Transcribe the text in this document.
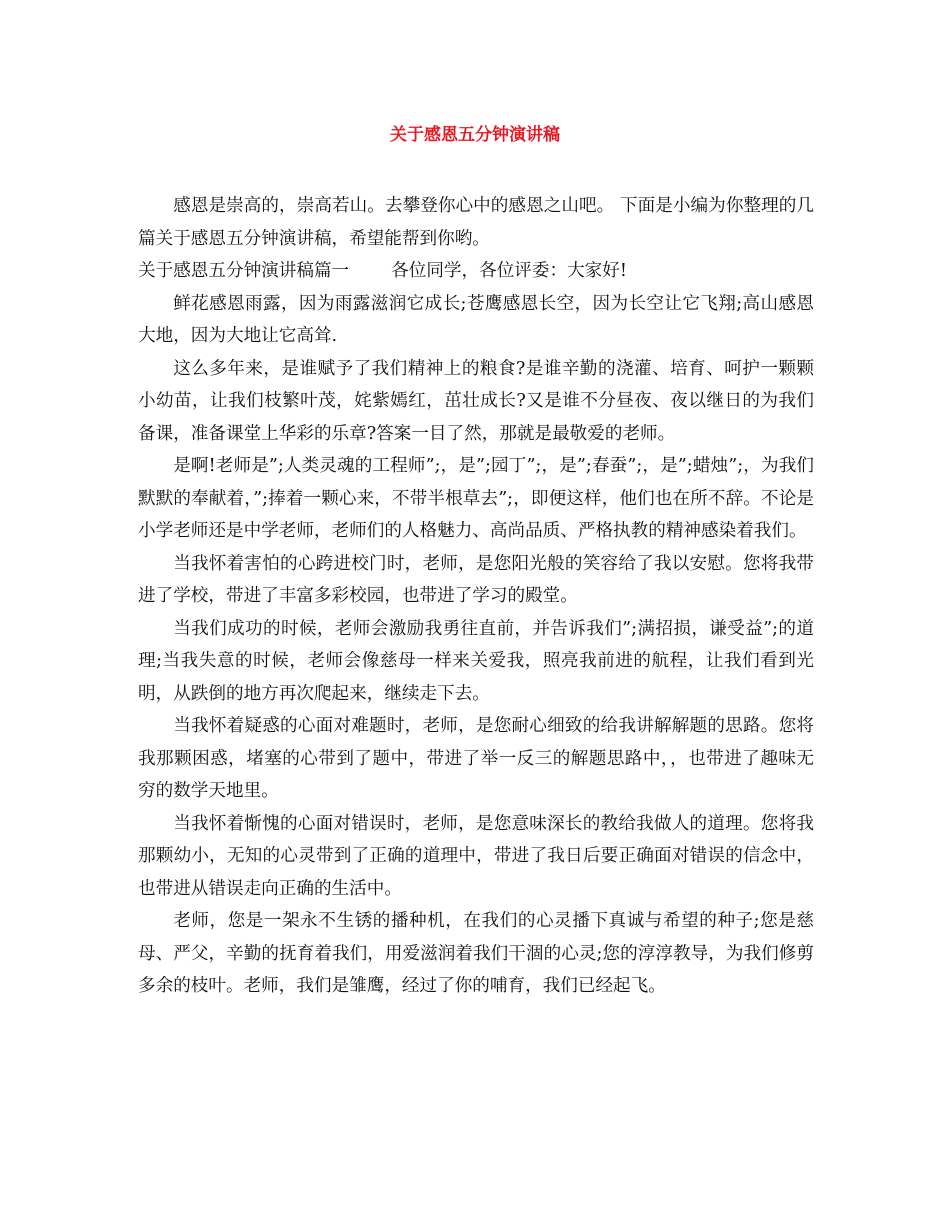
关于感恩五分钟演讲稿

感恩是崇高的，崇高若山。去攀登你心中的感恩之山吧。 下面是小编为你整理的几篇关于感恩五分钟演讲稿，希望能帮到你哟。

关于感恩五分钟演讲稿篇一 各位同学，各位评委：大家好!

鲜花感恩雨露，因为雨露滋润它成长;苍鹰感恩长空，因为长空让它飞翔;高山感恩大地，因为大地让它高耸.

这么多年来，是谁赋予了我们精神上的粮食?是谁辛勤的浇灌、培育、呵护一颗颗小幼苗，让我们枝繁叶茂，姹紫嫣红，茁壮成长?又是谁不分昼夜、夜以继日的为我们备课，准备课堂上华彩的乐章?答案一目了然，那就是最敬爱的老师。

是啊!老师是”;人类灵魂的工程师”;，是”;园丁”;，是”;春蚕”;，是”;蜡烛”;，为我们默默的奉献着，”;捧着一颗心来，不带半根草去”;，即便这样，他们也在所不辞。不论是小学老师还是中学老师，老师们的人格魅力、高尚品质、严格执教的精神感染着我们。

当我怀着害怕的心跨进校门时，老师，是您阳光般的笑容给了我以安慰。您将我带进了学校，带进了丰富多彩校园，也带进了学习的殿堂。

当我们成功的时候，老师会激励我勇往直前，并告诉我们”;满招损，谦受益”;的道理;当我失意的时候，老师会像慈母一样来关爱我，照亮我前进的航程，让我们看到光明，从跌倒的地方再次爬起来，继续走下去。

当我怀着疑惑的心面对难题时，老师，是您耐心细致的给我讲解解题的思路。您将我那颗困惑，堵塞的心带到了题中，带进了举一反三的解题思路中，，也带进了趣味无穷的数学天地里。

当我怀着惭愧的心面对错误时，老师，是您意味深长的教给我做人的道理。您将我那颗幼小，无知的心灵带到了正确的道理中，带进了我日后要正确面对错误的信念中，也带进从错误走向正确的生活中。

老师，您是一架永不生锈的播种机，在我们的心灵播下真诚与希望的种子;您是慈母、严父，辛勤的抚育着我们，用爱滋润着我们干涸的心灵;您的淳淳教导，为我们修剪多余的枝叶。老师，我们是雏鹰，经过了你的哺育，我们已经起飞。
